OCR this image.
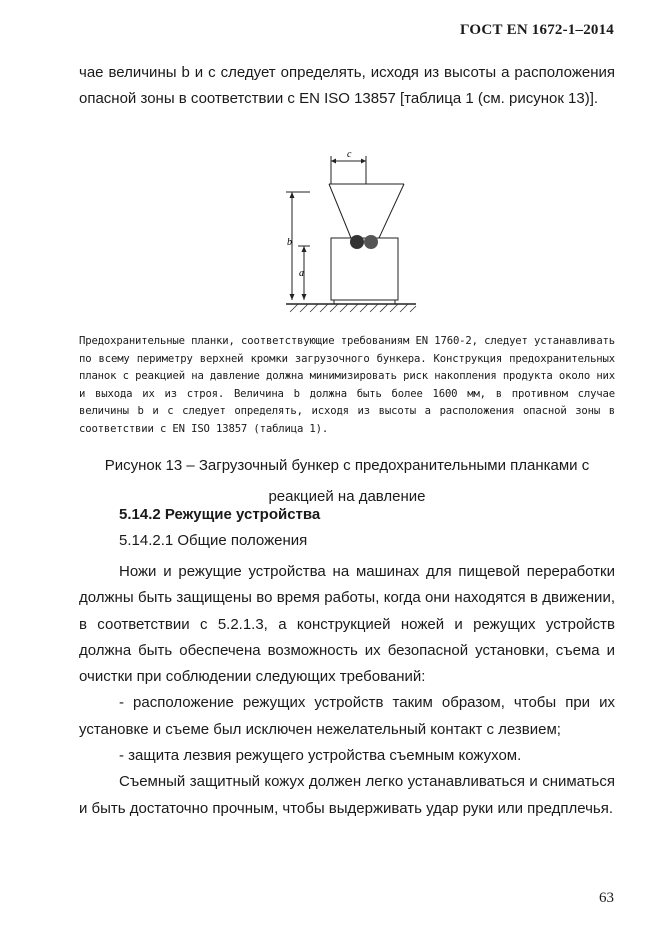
ГОСТ EN 1672-1–2014

чае величины b и c следует определять, исходя из высоты a расположения опасной зоны в соответствии с EN ISO 13857 [таблица 1 (см. рисунок 13)].

c
b
a

Предохранительные планки, соответствующие требованиям EN 1760-2, следует устанавливать по всему периметру верхней кромки загрузочного бункера. Конструкция предохранительных планок с реакцией на давление должна минимизировать риск накопления продукта около них и выхода их из строя. Величина b должна быть более 1600 мм, в противном случае величины b и c следует определять, исходя из высоты a расположения опасной зоны в соответствии с EN ISO 13857 (таблица 1).

Рисунок 13 – Загрузочный бункер с предохранительными планками с реакцией на давление

5.14.2 Режущие устройства
5.14.2.1 Общие положения

Ножи и режущие устройства на машинах для пищевой переработки должны быть защищены во время работы, когда они находятся в движении, в соответствии с 5.2.1.3, а конструкцией ножей и режущих устройств должна быть обеспечена возможность их безопасной установки, съема и очистки при соблюдении следующих требований:

- расположение режущих устройств таким образом, чтобы при их установке и съеме был исключен нежелательный контакт с лезвием;

- защита лезвия режущего устройства съемным кожухом.

Съемный защитный кожух должен легко устанавливаться и сниматься и быть достаточно прочным, чтобы выдерживать удар руки или предплечья.

63
